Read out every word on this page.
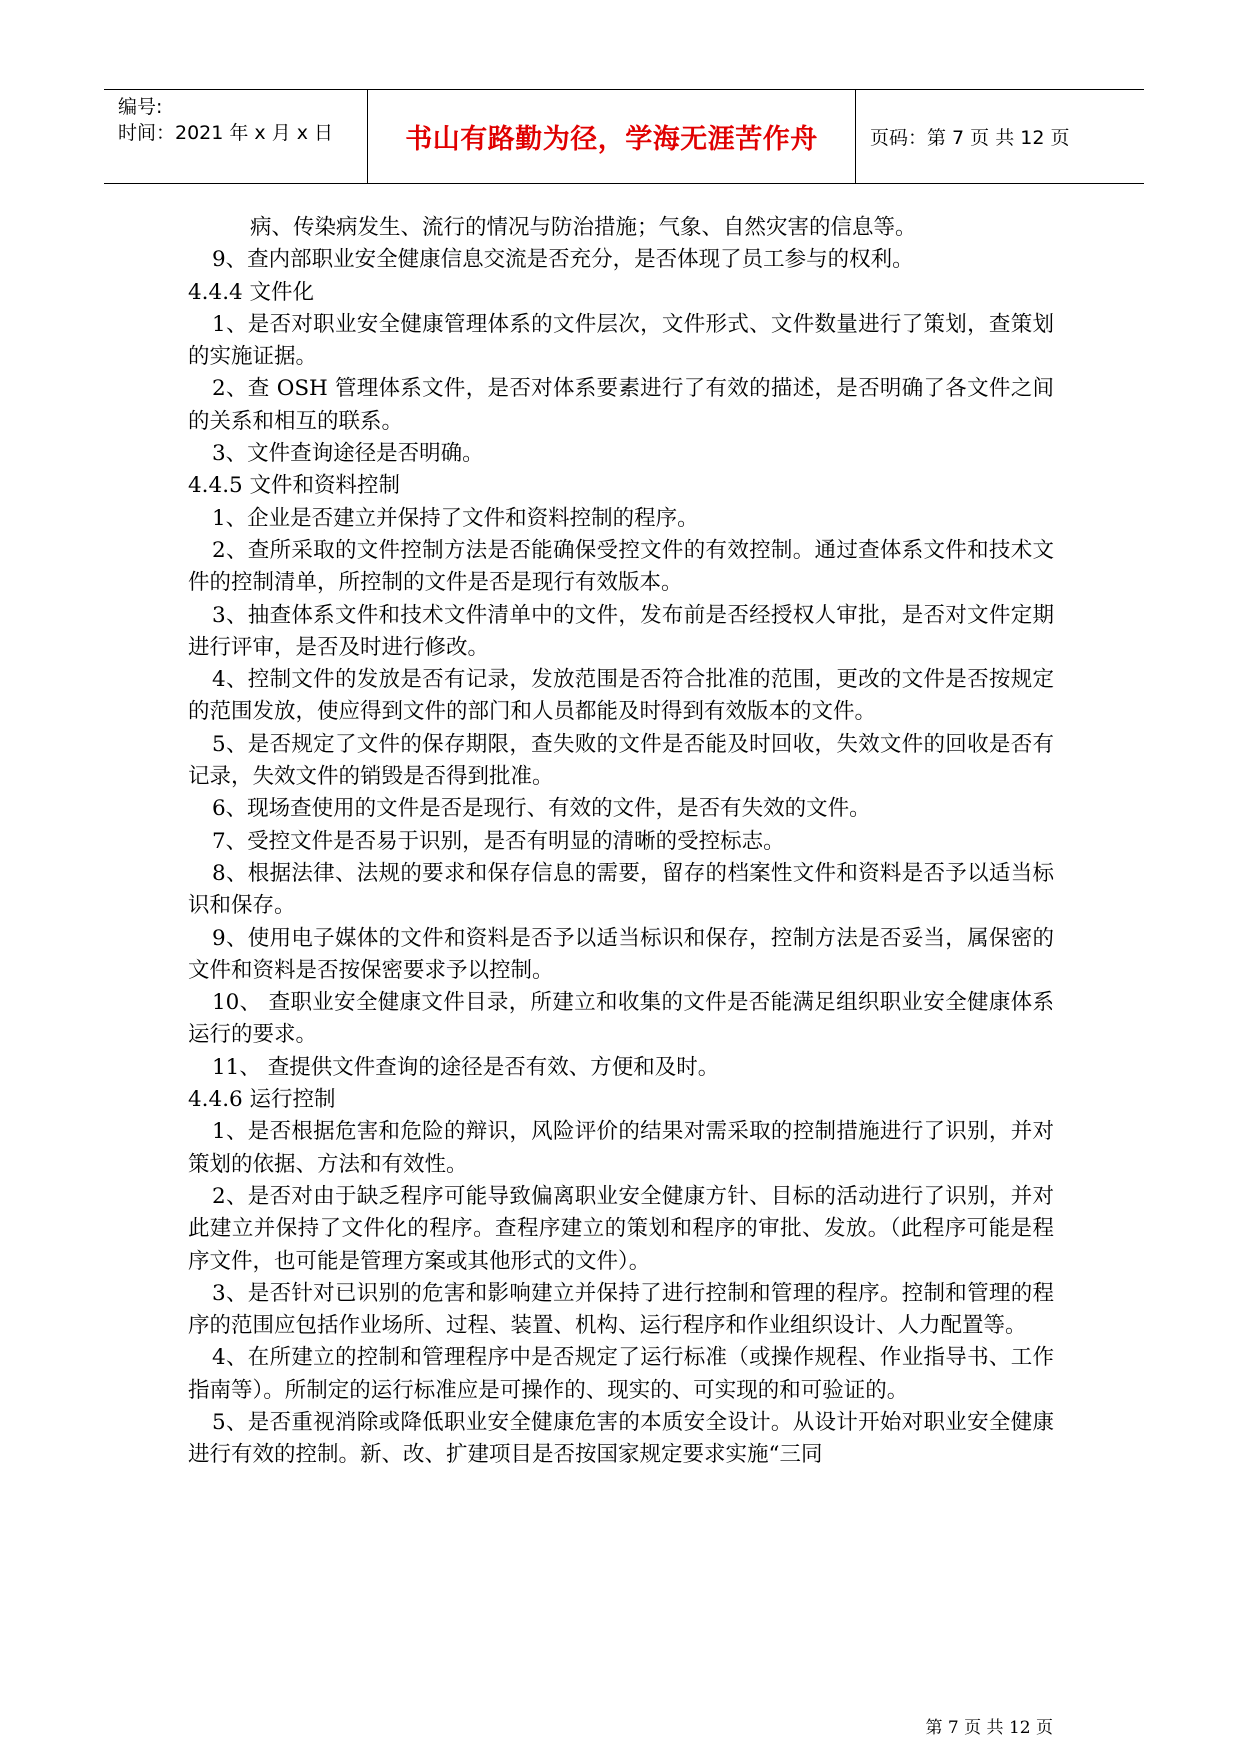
编号:
时间：2021 年 x 月 x 日	书山有路勤为径，学海无涯苦作舟	页码：第 7 页 共 12 页

病、传染病发生、流行的情况与防治措施；气象、自然灾害的信息等。

9、查内部职业安全健康信息交流是否充分，是否体现了员工参与的权利。

4.4.4 文件化

1、是否对职业安全健康管理体系的文件层次，文件形式、文件数量进行了策划，查策划的实施证据。

2、查 OSH 管理体系文件，是否对体系要素进行了有效的描述，是否明确了各文件之间的关系和相互的联系。

3、文件查询途径是否明确。

4.4.5 文件和资料控制

1、企业是否建立并保持了文件和资料控制的程序。

2、查所采取的文件控制方法是否能确保受控文件的有效控制。通过查体系文件和技术文件的控制清单，所控制的文件是否是现行有效版本。

3、抽查体系文件和技术文件清单中的文件，发布前是否经授权人审批，是否对文件定期进行评审，是否及时进行修改。

4、控制文件的发放是否有记录，发放范围是否符合批准的范围，更改的文件是否按规定的范围发放，使应得到文件的部门和人员都能及时得到有效版本的文件。

5、是否规定了文件的保存期限，查失败的文件是否能及时回收，失效文件的回收是否有记录，失效文件的销毁是否得到批准。

6、现场查使用的文件是否是现行、有效的文件，是否有失效的文件。

7、受控文件是否易于识别，是否有明显的清晰的受控标志。

8、根据法律、法规的要求和保存信息的需要，留存的档案性文件和资料是否予以适当标识和保存。

9、使用电子媒体的文件和资料是否予以适当标识和保存，控制方法是否妥当，属保密的文件和资料是否按保密要求予以控制。

10、 查职业安全健康文件目录，所建立和收集的文件是否能满足组织职业安全健康体系运行的要求。

11、 查提供文件查询的途径是否有效、方便和及时。

4.4.6 运行控制

1、是否根据危害和危险的辩识，风险评价的结果对需采取的控制措施进行了识别，并对策划的依据、方法和有效性。

2、是否对由于缺乏程序可能导致偏离职业安全健康方针、目标的活动进行了识别，并对此建立并保持了文件化的程序。查程序建立的策划和程序的审批、发放。（此程序可能是程序文件，也可能是管理方案或其他形式的文件）。

3、是否针对已识别的危害和影响建立并保持了进行控制和管理的程序。控制和管理的程序的范围应包括作业场所、过程、装置、机构、运行程序和作业组织设计、人力配置等。

4、在所建立的控制和管理程序中是否规定了运行标准（或操作规程、作业指导书、工作指南等）。所制定的运行标准应是可操作的、现实的、可实现的和可验证的。

5、是否重视消除或降低职业安全健康危害的本质安全设计。从设计开始对职业安全健康进行有效的控制。新、改、扩建项目是否按国家规定要求实施“三同

第 7 页 共 12 页
